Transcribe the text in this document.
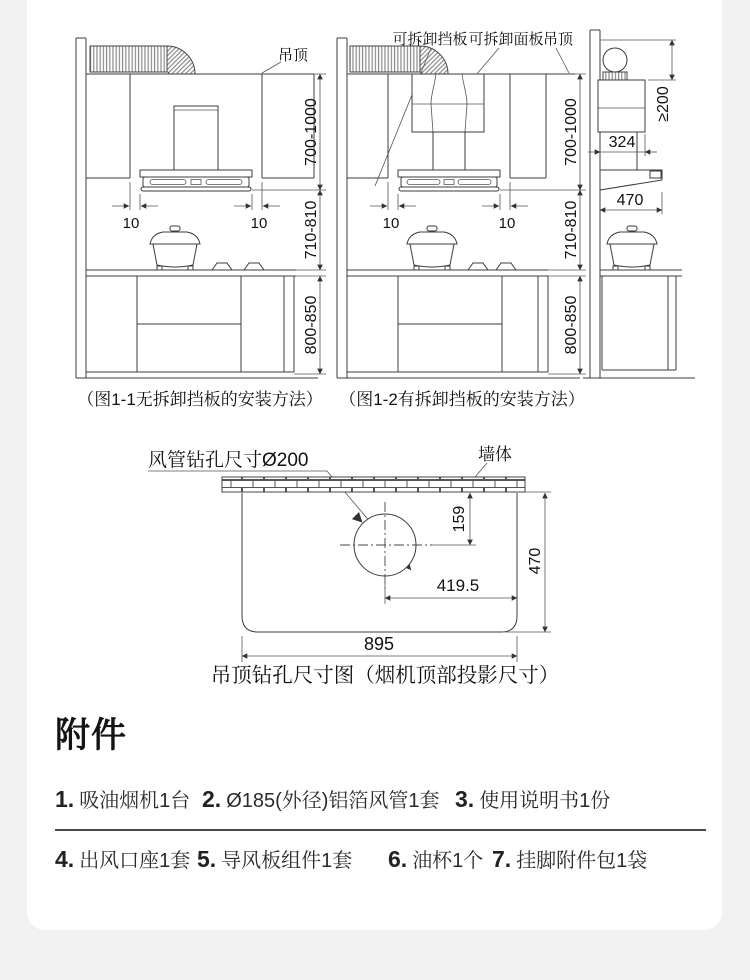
吊顶
10	10
700-1000
710-810
800-850
（图1-1无拆卸挡板的安装方法）
可拆卸挡板 可拆卸面板 吊顶
10	10
700-1000
710-810
800-850
（图1-2有拆卸挡板的安装方法）
≥200
324
470
风管钻孔尺寸Ø200	墙体
159
470
419.5
895
吊顶钻孔尺寸图（烟机顶部投影尺寸）
附件
1. 吸油烟机1台 2. Ø185(外径)铝箔风管1套 3. 使用说明书1份
4. 出风口座1套 5. 导风板组件1套 6. 油杯1个 7. 挂脚附件包1袋
